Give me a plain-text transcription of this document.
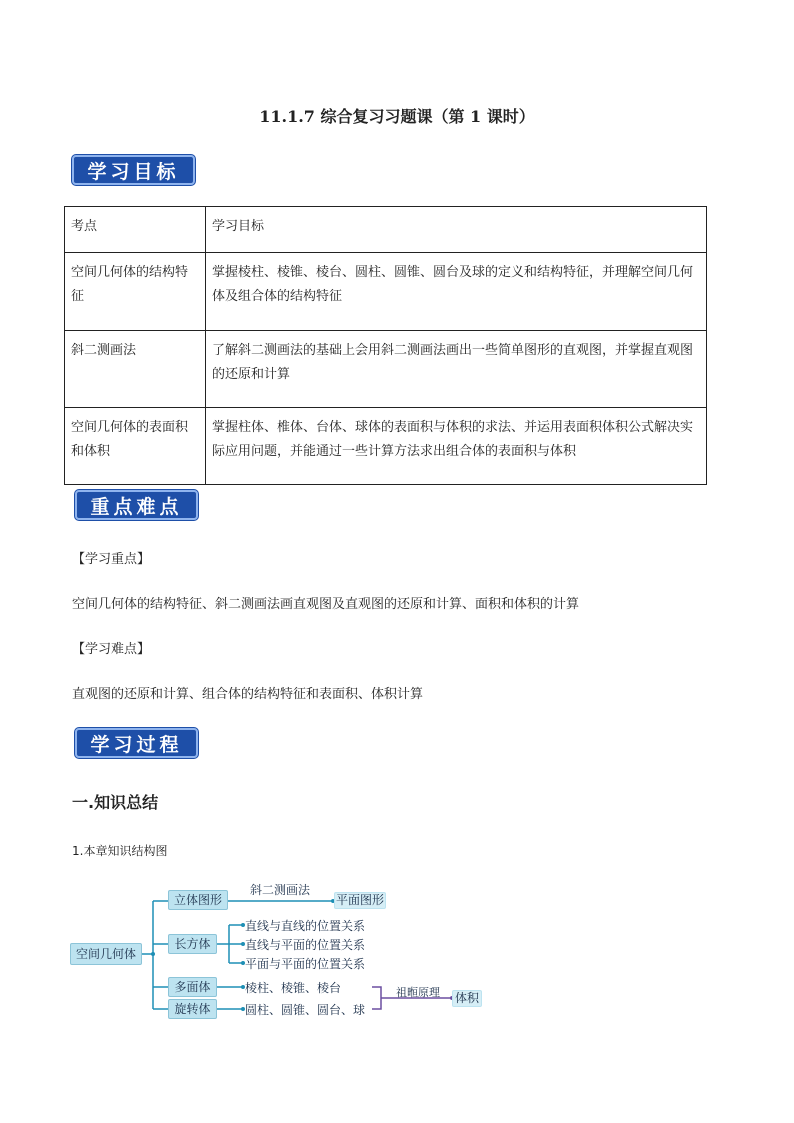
11.1.7 综合复习习题课（第 1 课时）
学习目标
考点	学习目标
空间几何体的结构特征	掌握棱柱、棱锥、棱台、圆柱、圆锥、圆台及球的定义和结构特征，并理解空间几何体及组合体的结构特征
斜二测画法	了解斜二测画法的基础上会用斜二测画法画出一些简单图形的直观图，并掌握直观图的还原和计算
空间几何体的表面积和体积	掌握柱体、椎体、台体、球体的表面积与体积的求法、并运用表面积体积公式解决实际应用问题，并能通过一些计算方法求出组合体的表面积与体积
重点难点
【学习重点】
空间几何体的结构特征、斜二测画法画直观图及直观图的还原和计算、面积和体积的计算
【学习难点】
直观图的还原和计算、组合体的结构特征和表面积、体积计算
学习过程
一.知识总结
1.本章知识结构图
空间几何体
立体图形
长方体
多面体
旋转体
斜二测画法
平面图形
直线与直线的位置关系
直线与平面的位置关系
平面与平面的位置关系
棱柱、棱锥、棱台
圆柱、圆锥、圆台、球
祖暅原理 体积
